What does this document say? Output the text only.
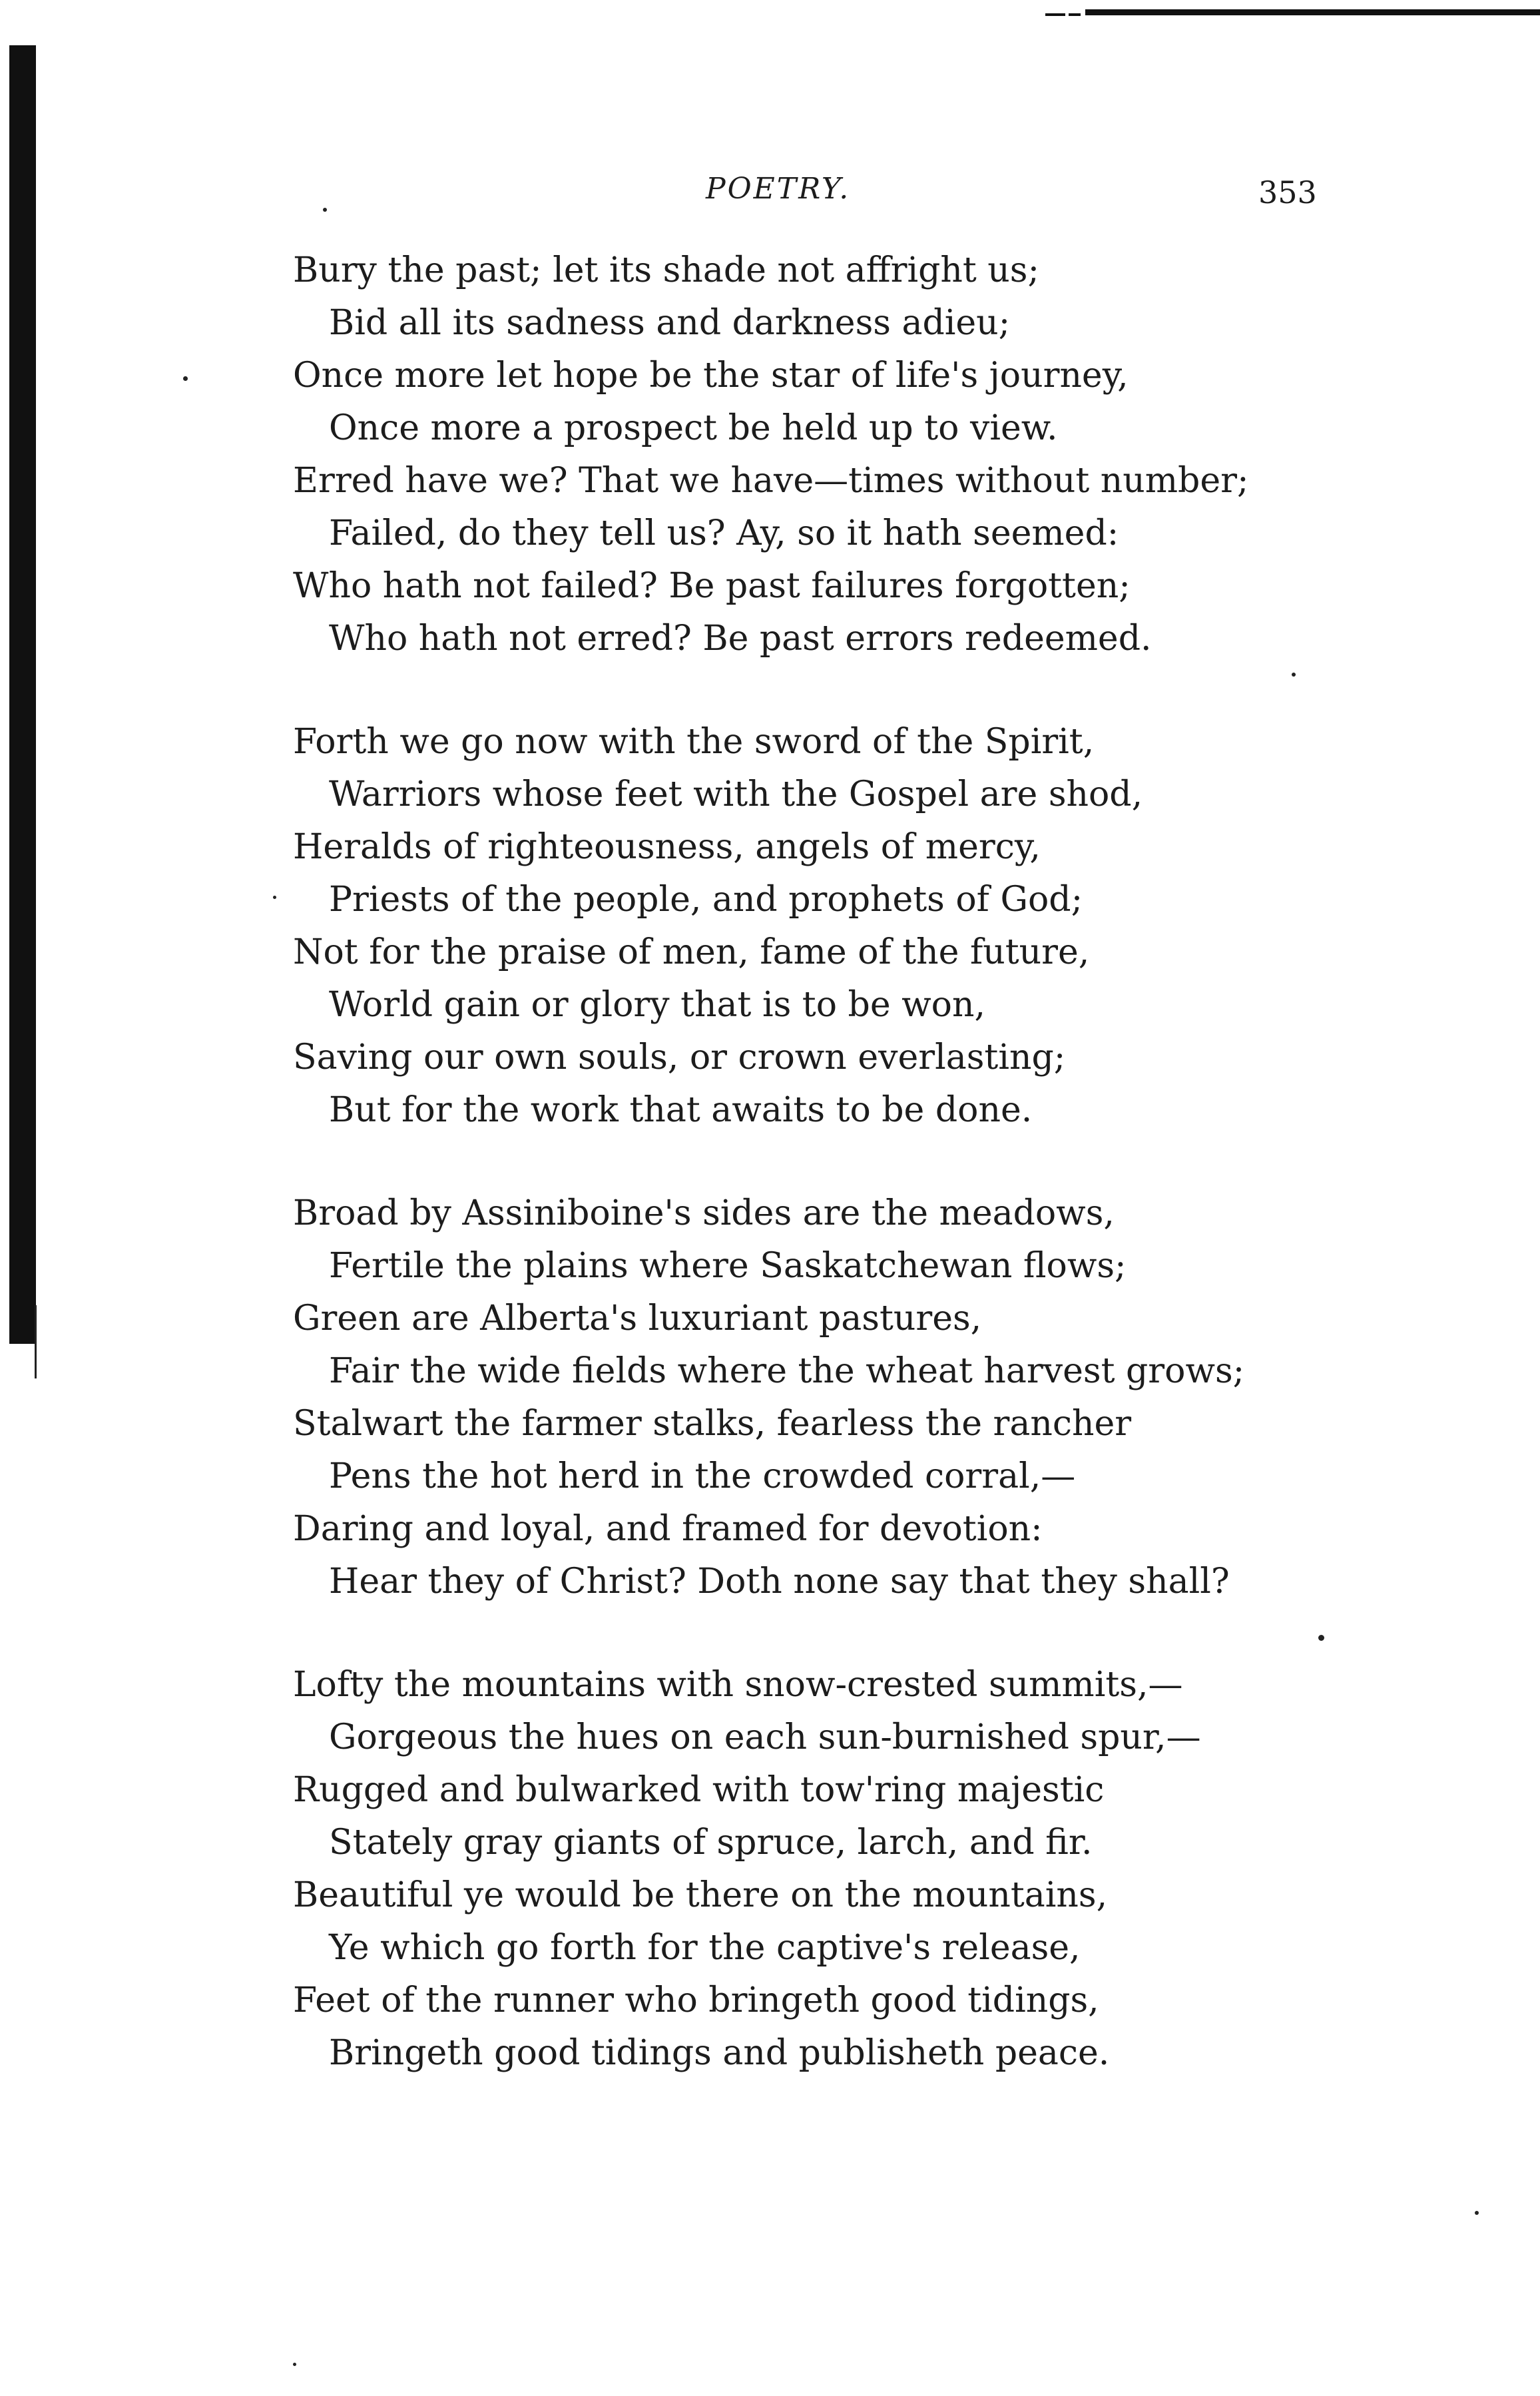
POETRY.	353
Bury the past; let its shade not affright us;
Bid all its sadness and darkness adieu;
Once more let hope be the star of life's journey,
Once more a prospect be held up to view.
Erred have we? That we have—times without number;
Failed, do they tell us? Ay, so it hath seemed:
Who hath not failed? Be past failures forgotten;
Who hath not erred? Be past errors redeemed.
Forth we go now with the sword of the Spirit,
Warriors whose feet with the Gospel are shod,
Heralds of righteousness, angels of mercy,
Priests of the people, and prophets of God;
Not for the praise of men, fame of the future,
World gain or glory that is to be won,
Saving our own souls, or crown everlasting;
But for the work that awaits to be done.
Broad by Assiniboine's sides are the meadows,
Fertile the plains where Saskatchewan flows;
Green are Alberta's luxuriant pastures,
Fair the wide fields where the wheat harvest grows;
Stalwart the farmer stalks, fearless the rancher
Pens the hot herd in the crowded corral,—
Daring and loyal, and framed for devotion:
Hear they of Christ? Doth none say that they shall?
Lofty the mountains with snow-crested summits,—
Gorgeous the hues on each sun-burnished spur,—
Rugged and bulwarked with tow'ring majestic
Stately gray giants of spruce, larch, and fir.
Beautiful ye would be there on the mountains,
Ye which go forth for the captive's release,
Feet of the runner who bringeth good tidings,
Bringeth good tidings and publisheth peace.
